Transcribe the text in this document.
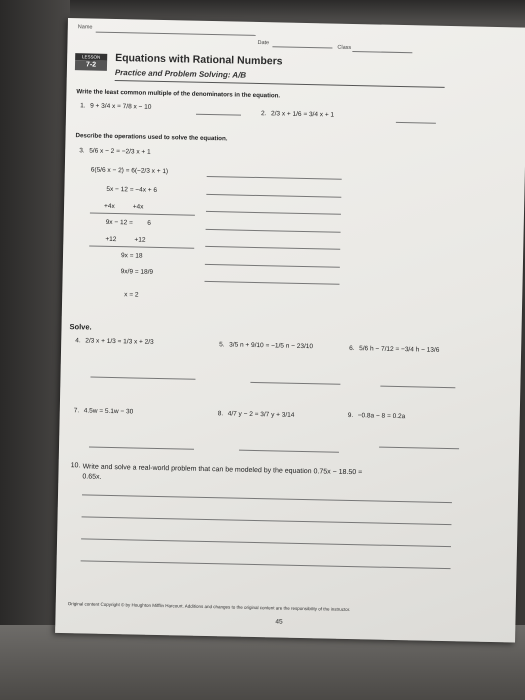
Name
Date
Class
LESSON
7-2	Equations with Rational Numbers
Practice and Problem Solving: A/B
Write the least common multiple of the denominators in the equation.
1. 9 + 3/4 x = 7/8 x − 10
2. 2/3 x + 1/6 = 3/4 x + 1
Describe the operations used to solve the equation.
3. 5/6 x − 2 = −2/3 x + 1
6(5/6 x − 2) = 6(−2/3 x + 1)
5x − 12 = −4x + 6
+4x          +4x
9x − 12 =        6
+12          +12
9x = 18
9x/9 = 18/9
x = 2
Solve.
4. 2/3 x + 1/3 = 1/3 x + 2/3	5. 3/5 n + 9/10 = −1/5 n − 23/10	6. 5/6 h − 7/12 = −3/4 h − 13/6
7. 4.5w = 5.1w − 30	8. 4/7 y − 2 = 3/7 y + 3/14	9. −0.8a − 8 = 0.2a
10. Write and solve a real-world problem that can be modeled by the equation 0.75x − 18.50 = 0.65x.
Original content Copyright © by Houghton Mifflin Harcourt. Additions and changes to the original content are the responsibility of the instructor.
45
